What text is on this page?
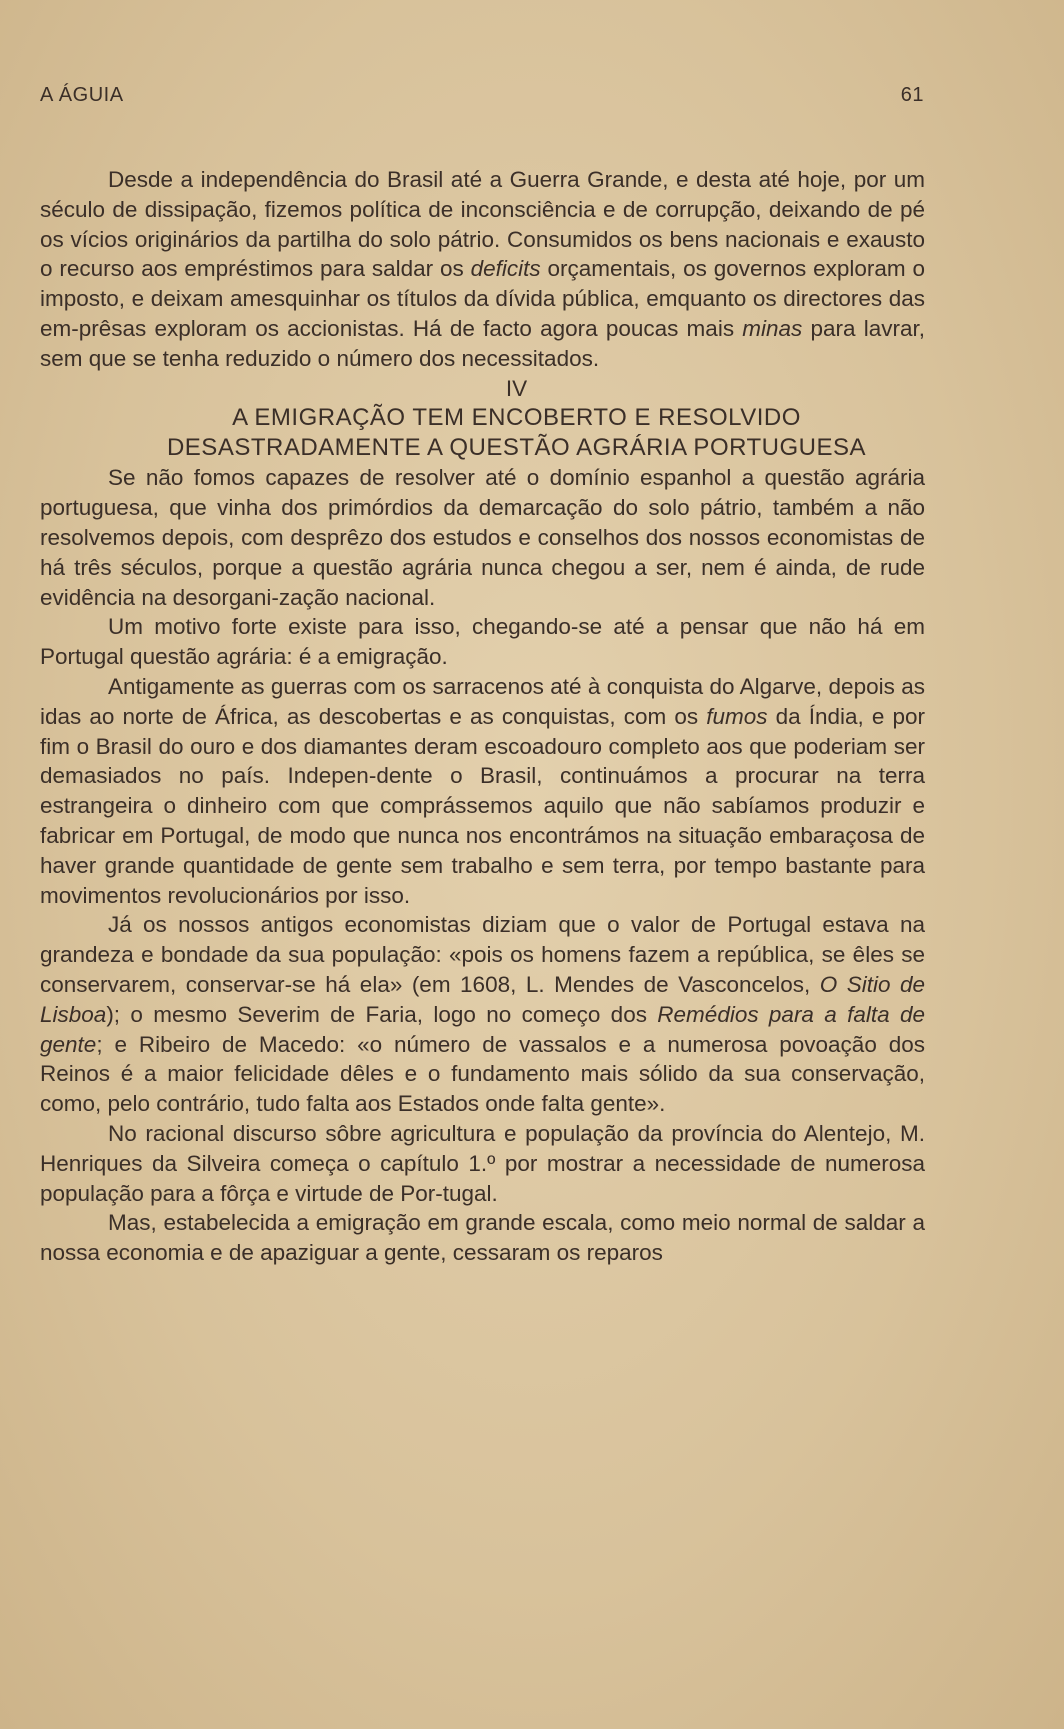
A ÁGUIA	61

Desde a independência do Brasil até a Guerra Grande, e desta até hoje, por um século de dissipação, fizemos política de inconsciência e de corrupção, deixando de pé os vícios originários da partilha do solo pátrio. Consumidos os bens nacionais e exausto o recurso aos empréstimos para saldar os deficits orçamentais, os governos exploram o imposto, e deixam amesquinhar os títulos da dívida pública, emquanto os directores das em-prêsas exploram os accionistas. Há de facto agora poucas mais minas para lavrar, sem que se tenha reduzido o número dos necessitados.

IV

A EMIGRAÇÃO TEM ENCOBERTO E RESOLVIDO
DESASTRADAMENTE A QUESTÃO AGRÁRIA PORTUGUESA

Se não fomos capazes de resolver até o domínio espanhol a questão agrária portuguesa, que vinha dos primórdios da demarcação do solo pátrio, também a não resolvemos depois, com desprêzo dos estudos e conselhos dos nossos economistas de há três séculos, porque a questão agrária nunca chegou a ser, nem é ainda, de rude evidência na desorgani-zação nacional.

Um motivo forte existe para isso, chegando-se até a pensar que não há em Portugal questão agrária: é a emigração.

Antigamente as guerras com os sarracenos até à conquista do Algarve, depois as idas ao norte de África, as descobertas e as conquistas, com os fumos da Índia, e por fim o Brasil do ouro e dos diamantes deram escoadouro completo aos que poderiam ser demasiados no país. Indepen-dente o Brasil, continuámos a procurar na terra estrangeira o dinheiro com que comprássemos aquilo que não sabíamos produzir e fabricar em Portugal, de modo que nunca nos encontrámos na situação embaraçosa de haver grande quantidade de gente sem trabalho e sem terra, por tempo bastante para movimentos revolucionários por isso.

Já os nossos antigos economistas diziam que o valor de Portugal estava na grandeza e bondade da sua população: «pois os homens fazem a república, se êles se conservarem, conservar-se há ela» (em 1608, L. Mendes de Vasconcelos, O Sitio de Lisboa); o mesmo Severim de Faria, logo no começo dos Remédios para a falta de gente; e Ribeiro de Macedo: «o número de vassalos e a numerosa povoação dos Reinos é a maior felicidade dêles e o fundamento mais sólido da sua conservação, como, pelo contrário, tudo falta aos Estados onde falta gente».

No racional discurso sôbre agricultura e população da província do Alentejo, M. Henriques da Silveira começa o capítulo 1.º por mostrar a necessidade de numerosa população para a fôrça e virtude de Por-tugal.

Mas, estabelecida a emigração em grande escala, como meio normal de saldar a nossa economia e de apaziguar a gente, cessaram os reparos
